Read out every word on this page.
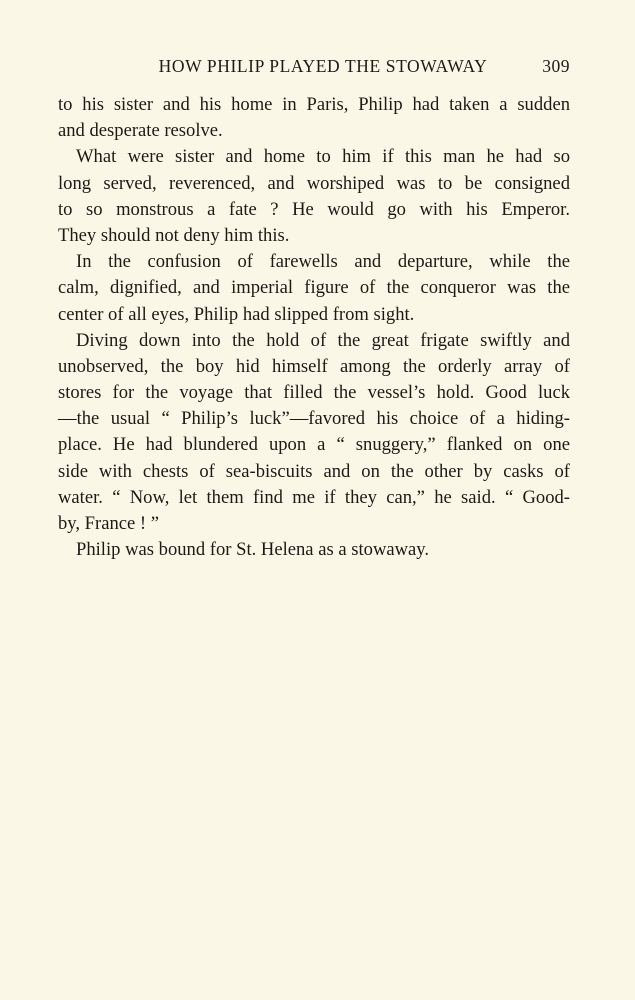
HOW PHILIP PLAYED THE STOWAWAY	309
to his sister and his home in Paris, Philip had taken a sudden
and desperate resolve.
What were sister and home to him if this man he had so
long served, reverenced, and worshiped was to be consigned
to so monstrous a fate ? He would go with his Emperor.
They should not deny him this.
In the confusion of farewells and departure, while the
calm, dignified, and imperial figure of the conqueror was the
center of all eyes, Philip had slipped from sight.
Diving down into the hold of the great frigate swiftly and
unobserved, the boy hid himself among the orderly array of
stores for the voyage that filled the vessel’s hold. Good luck
—the usual “ Philip’s luck”—favored his choice of a hiding-
place. He had blundered upon a “ snuggery,” flanked on one
side with chests of sea-biscuits and on the other by casks of
water. “ Now, let them find me if they can,” he said. “ Good-
by, France ! ”
Philip was bound for St. Helena as a stowaway.
